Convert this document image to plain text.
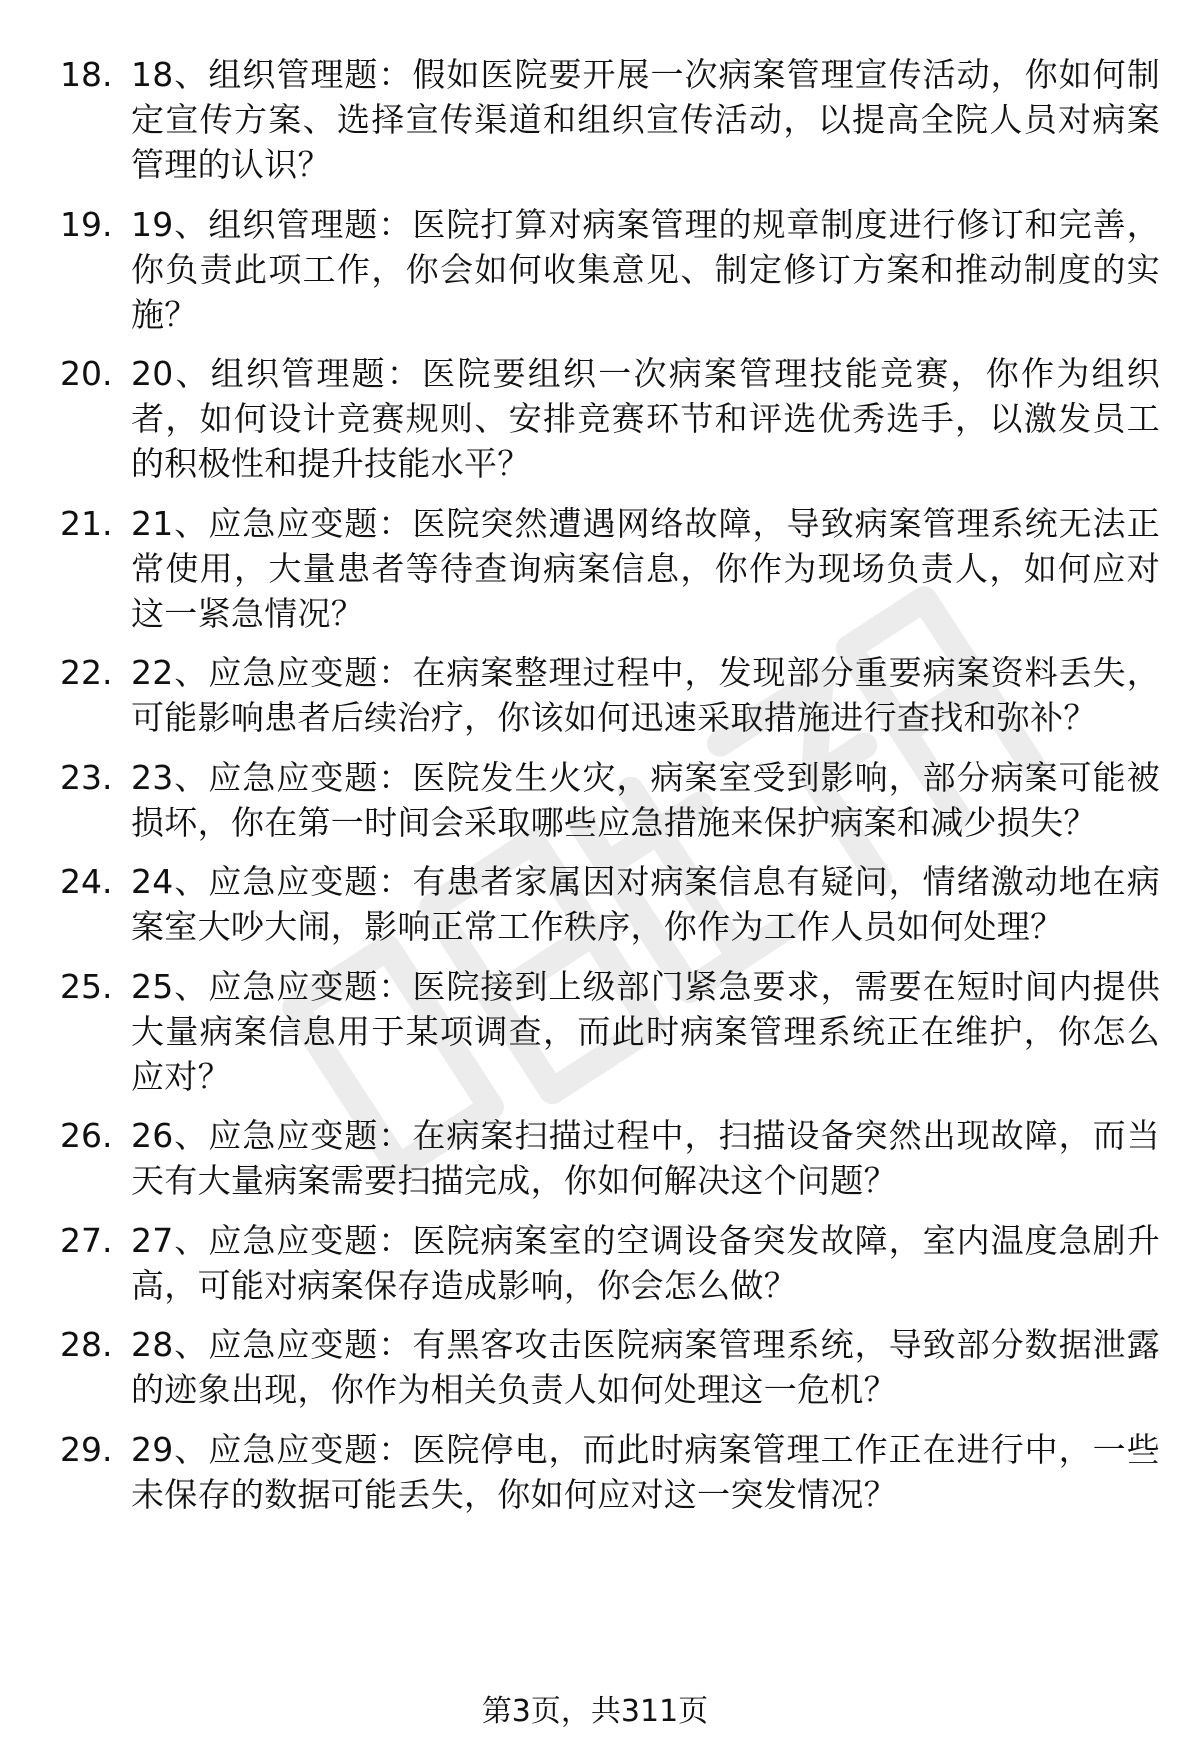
18. 18、组织管理题：假如医院要开展一次病案管理宣传活动，你如何制定宣传方案、选择宣传渠道和组织宣传活动，以提高全院人员对病案管理的认识？
19. 19、组织管理题：医院打算对病案管理的规章制度进行修订和完善，你负责此项工作，你会如何收集意见、制定修订方案和推动制度的实施？
20. 20、组织管理题：医院要组织一次病案管理技能竞赛，你作为组织者，如何设计竞赛规则、安排竞赛环节和评选优秀选手，以激发员工的积极性和提升技能水平？
21. 21、应急应变题：医院突然遭遇网络故障，导致病案管理系统无法正常使用，大量患者等待查询病案信息，你作为现场负责人，如何应对这一紧急情况？
22. 22、应急应变题：在病案整理过程中，发现部分重要病案资料丢失，可能影响患者后续治疗，你该如何迅速采取措施进行查找和弥补？
23. 23、应急应变题：医院发生火灾，病案室受到影响，部分病案可能被损坏，你在第一时间会采取哪些应急措施来保护病案和减少损失？
24. 24、应急应变题：有患者家属因对病案信息有疑问，情绪激动地在病案室大吵大闹，影响正常工作秩序，你作为工作人员如何处理？
25. 25、应急应变题：医院接到上级部门紧急要求，需要在短时间内提供大量病案信息用于某项调查，而此时病案管理系统正在维护，你怎么应对？
26. 26、应急应变题：在病案扫描过程中，扫描设备突然出现故障，而当天有大量病案需要扫描完成，你如何解决这个问题？
27. 27、应急应变题：医院病案室的空调设备突发故障，室内温度急剧升高，可能对病案保存造成影响，你会怎么做？
28. 28、应急应变题：有黑客攻击医院病案管理系统，导致部分数据泄露的迹象出现，你作为相关负责人如何处理这一危机？
29. 29、应急应变题：医院停电，而此时病案管理工作正在进行中，一些未保存的数据可能丢失，你如何应对这一突发情况？
第3页，共311页
